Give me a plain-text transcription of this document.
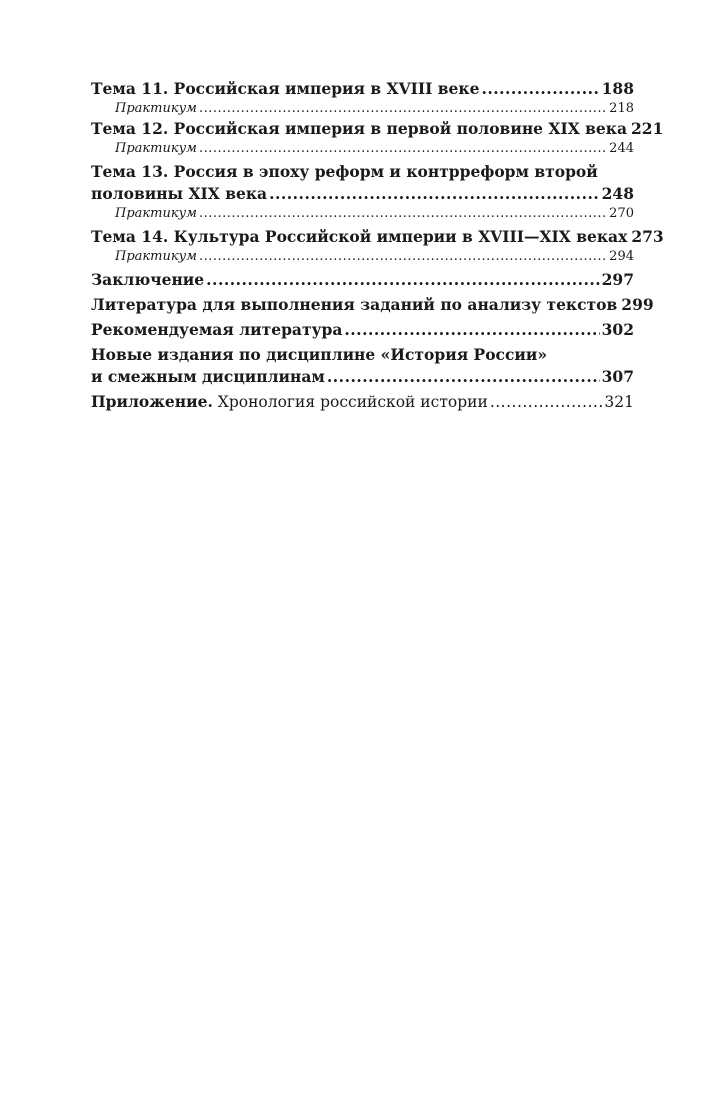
Тема 11. Российская империя в XVIII веке .....	188
Практикум .....	218
Тема 12. Российская империя в первой половине XIX века 221
Практикум .....	244
Тема 13. Россия в эпоху реформ и контрреформ второй
половины XIX века .....	248
Практикум .....	270
Тема 14. Культура Российской империи в XVIII—XIX веках 273
Практикум .....	294
Заключение .....	297
Литература для выполнения заданий по анализу текстов 299
Рекомендуемая литература .....	302
Новые издания по дисциплине «История России»
и смежным дисциплинам .....	307
Приложение. Хронология российской истории .....	321
